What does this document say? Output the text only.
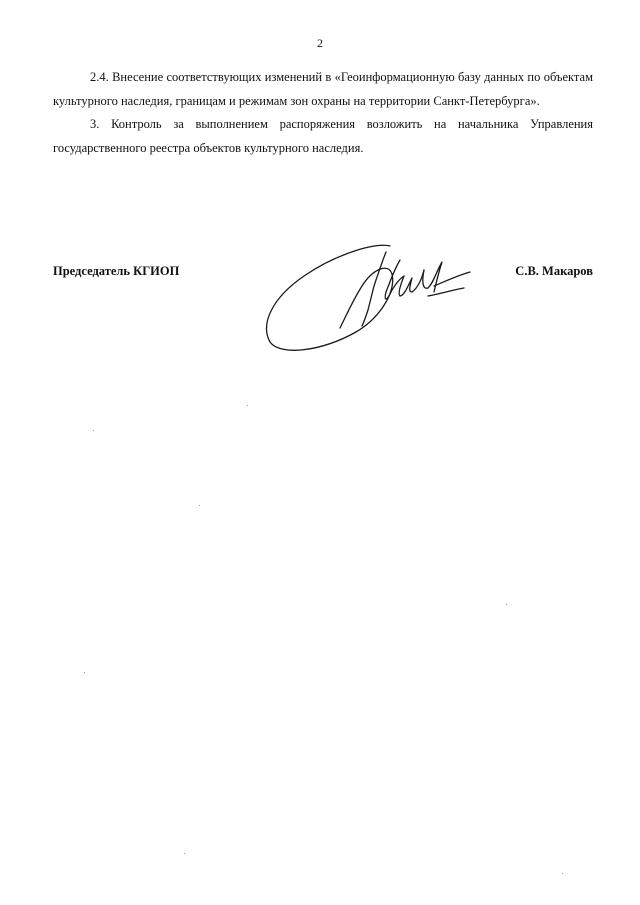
2

2.4. Внесение соответствующих изменений в «Геоинформационную базу данных по объектам культурного наследия, границам и режимам зон охраны на территории Санкт-Петербурга».

3. Контроль за выполнением распоряжения возложить на начальника Управления государственного реестра объектов культурного наследия.

Председатель КГИОП	С.В. Макаров
